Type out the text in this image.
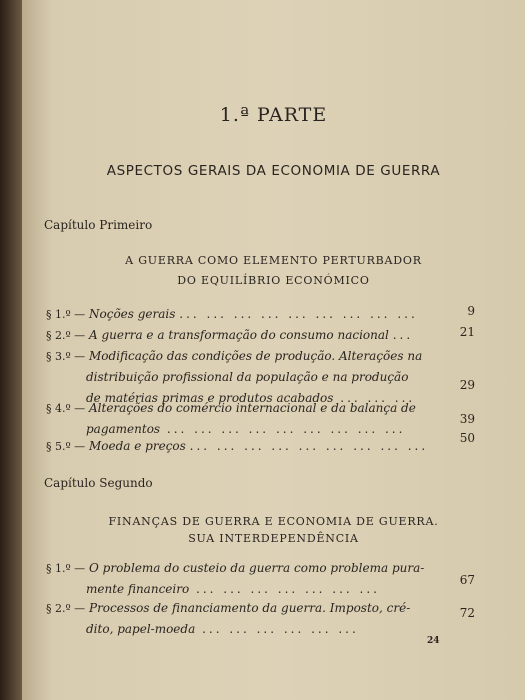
1.ª PARTE
ASPECTOS GERAIS DA ECONOMIA DE GUERRA
Capítulo Primeiro
A GUERRA COMO ELEMENTO PERTURBADOR
DO EQUILÍBRIO ECONÓMICO
§ 1.º — Noções gerais ... ... ... ... ... ... ... ... ...	9
§ 2.º — A guerra e a transformação do consumo nacional ...	21
§ 3.º — Modificação das condições de produção. Alterações na
distribuição profissional da população e na produção
de matérias primas e produtos acabados ... ... ...
29
§ 4.º — Alterações do comércio internacional e da balança de
pagamentos ... ... ... ... ... ... ... ... ...
39
§ 5.º — Moeda e preços ... ... ... ... ... ... ... ... ...
50
Capítulo Segundo
FINANÇAS DE GUERRA E ECONOMIA DE GUERRA.
SUA INTERDEPENDÊNCIA
§ 1.º — O problema do custeio da guerra como problema pura-
mente financeiro ... ... ... ... ... ... ...
67
§ 2.º — Processos de financiamento da guerra. Imposto, cré-
dito, papel-moeda ... ... ... ... ... ...
72
24
